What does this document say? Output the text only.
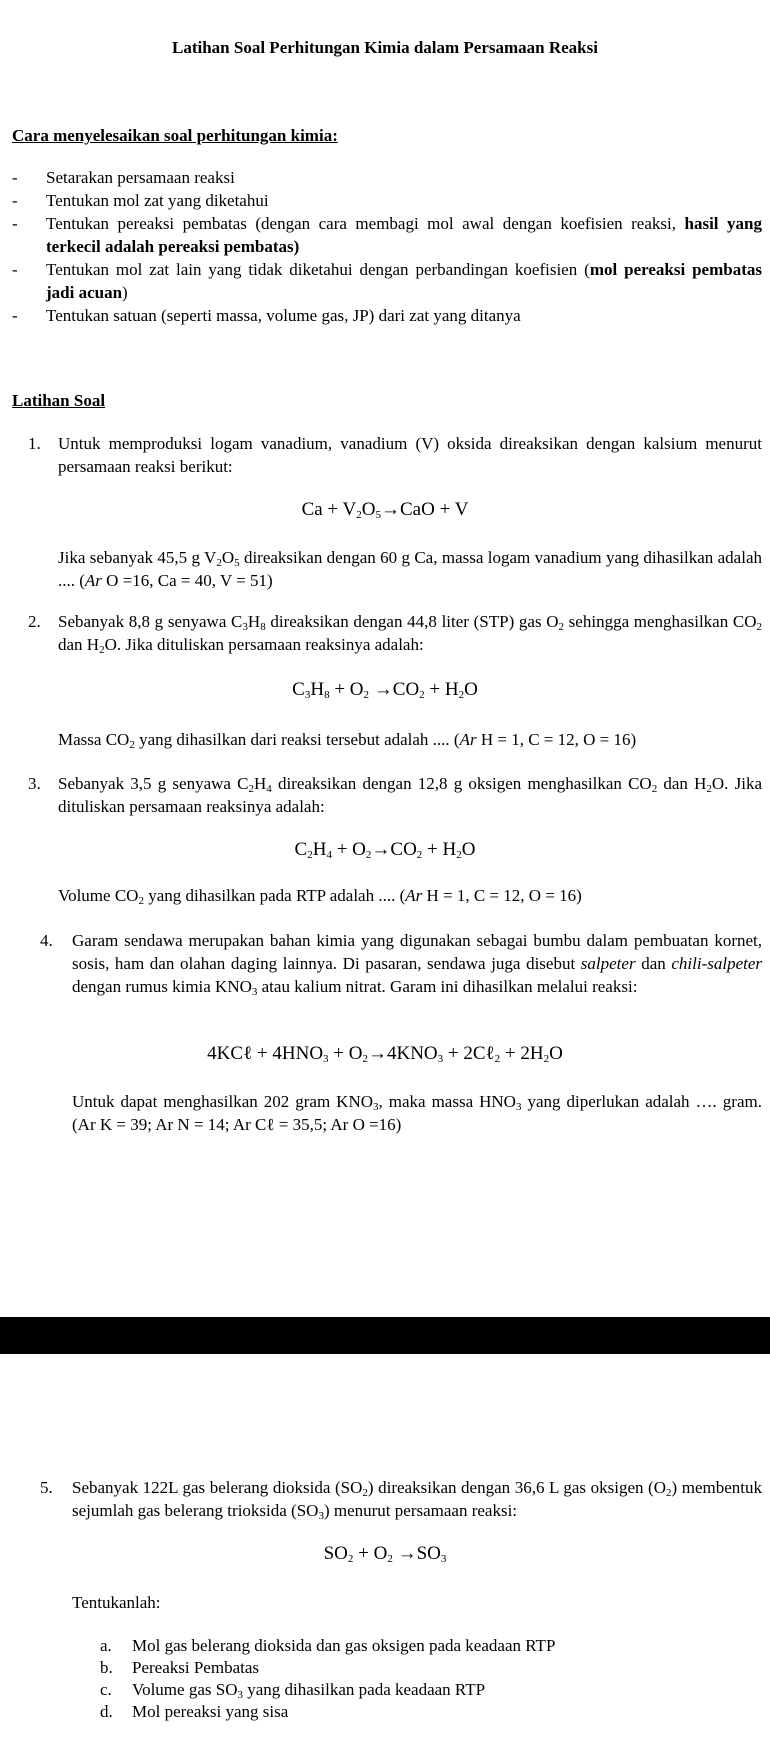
Latihan Soal Perhitungan Kimia dalam Persamaan Reaksi
Cara menyelesaikan soal perhitungan kimia:
-	Setarakan persamaan reaksi
-	Tentukan mol zat yang diketahui
-	Tentukan pereaksi pembatas (dengan cara membagi mol awal dengan koefisien reaksi, hasil yang terkecil adalah pereaksi pembatas)
-	Tentukan mol zat lain yang tidak diketahui dengan perbandingan koefisien (mol pereaksi pembatas jadi acuan)
-	Tentukan satuan (seperti massa, volume gas, JP) dari zat yang ditanya
Latihan Soal
1.	Untuk memproduksi logam vanadium, vanadium (V) oksida direaksikan dengan kalsium menurut persamaan reaksi berikut:
$Ca + V_2O_5\to CaO + V$
Jika sebanyak 45,5 g $V_2O_5$ direaksikan dengan 60 g Ca, massa logam vanadium yang dihasilkan adalah .... (Ar O =16, Ca = 40, V = 51)
2.	Sebanyak 8,8 g senyawa $C_3H_8$ direaksikan dengan 44,8 liter (STP) gas $O_2$ sehingga menghasilkan $CO_2$ dan $H_2O$. Jika dituliskan persamaan reaksinya adalah:
$C_3H_8 + O_2 \to CO_2 + H_2O$
Massa $CO_2$ yang dihasilkan dari reaksi tersebut adalah .... (Ar H = 1, C = 12, O = 16)
3.	Sebanyak 3,5 g senyawa $C_2H_4$ direaksikan dengan 12,8 g oksigen menghasilkan $CO_2$ dan $H_2O$. Jika dituliskan persamaan reaksinya adalah:
$C_2H_4 + O_2\to CO_2 + H_2O$
Volume $CO_2$ yang dihasilkan pada RTP adalah .... (Ar H = 1, C = 12, O = 16)
4.	Garam sendawa merupakan bahan kimia yang digunakan sebagai bumbu dalam pembuatan kornet, sosis, ham dan olahan daging lainnya. Di pasaran, sendawa juga disebut salpeter dan chili-salpeter dengan rumus kimia $KNO_3$ atau kalium nitrat. Garam ini dihasilkan melalui reaksi:
4KCℓ + $4HNO_3 + O_2\to 4KNO_3$ + 2Cℓ$_2$ + $2H_2O$
Untuk dapat menghasilkan 202 gram $KNO_3$, maka massa $HNO_3$ yang diperlukan adalah …. gram. (Ar K = 39; Ar N = 14; Ar Cℓ = 35,5; Ar O =16)
5.	Sebanyak 122L gas belerang dioksida $(SO_2)$ direaksikan dengan 36,6 L gas oksigen $(O_2)$ membentuk sejumlah gas belerang trioksida $(SO_3)$ menurut persamaan reaksi:
$SO_2 + O_2 \to SO_3$
Tentukanlah:
a.	Mol gas belerang dioksida dan gas oksigen pada keadaan RTP
b.	Pereaksi Pembatas
c.	Volume gas $SO_3$ yang dihasilkan pada keadaan RTP
d.	Mol pereaksi yang sisa
